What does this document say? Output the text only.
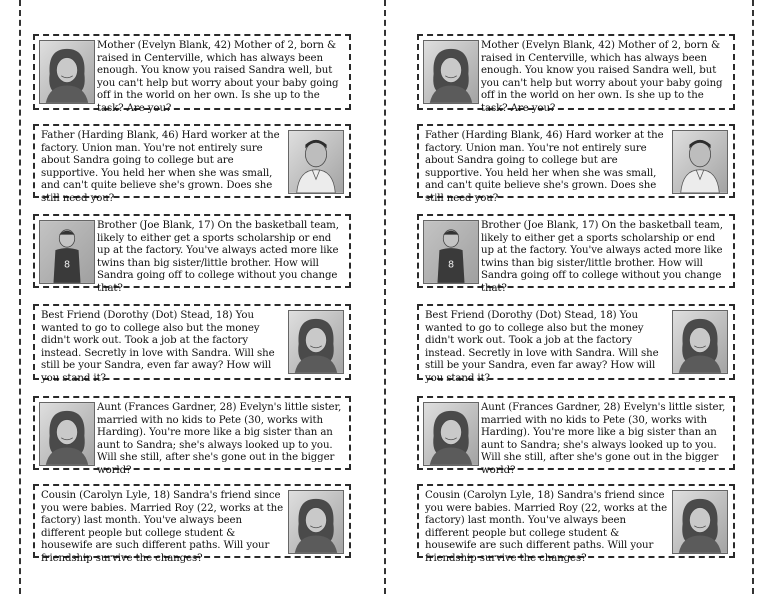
Mother (Evelyn Blank, 42) Mother of 2, born & raised in Centerville, which has always been enough. You know you raised Sandra well, but you can't help but worry about your baby going off in the world on her own. Is she up to the task? Are you?
Father (Harding Blank, 46) Hard worker at the factory. Union man. You're not entirely sure about Sandra going to college but are supportive. You held her when she was small, and can't quite believe she's grown. Does she still need you?
8
Brother (Joe Blank, 17) On the basketball team, likely to either get a sports scholarship or end up at the factory. You've always acted more like twins than big sister/little brother. How will Sandra going off to college without you change that?
Best Friend (Dorothy (Dot) Stead, 18) You wanted to go to college also but the money didn't work out. Took a job at the factory instead. Secretly in love with Sandra. Will she still be your Sandra, even far away? How will you stand it?
Aunt (Frances Gardner, 28) Evelyn's little sister, married with no kids to Pete (30, works with Harding). You're more like a big sister than an aunt to Sandra; she's always looked up to you. Will she still, after she's gone out in the bigger world?
Cousin (Carolyn Lyle, 18) Sandra's friend since you were babies. Married Roy (22, works at the factory) last month. You've always been different people but college student & housewife are such different paths. Will your friendship survive the changes?
Mother (Evelyn Blank, 42) Mother of 2, born & raised in Centerville, which has always been enough. You know you raised Sandra well, but you can't help but worry about your baby going off in the world on her own. Is she up to the task? Are you?
Father (Harding Blank, 46) Hard worker at the factory. Union man. You're not entirely sure about Sandra going to college but are supportive. You held her when she was small, and can't quite believe she's grown. Does she still need you?
8
Brother (Joe Blank, 17) On the basketball team, likely to either get a sports scholarship or end up at the factory. You've always acted more like twins than big sister/little brother. How will Sandra going off to college without you change that?
Best Friend (Dorothy (Dot) Stead, 18) You wanted to go to college also but the money didn't work out. Took a job at the factory instead. Secretly in love with Sandra. Will she still be your Sandra, even far away? How will you stand it?
Aunt (Frances Gardner, 28) Evelyn's little sister, married with no kids to Pete (30, works with Harding). You're more like a big sister than an aunt to Sandra; she's always looked up to you. Will she still, after she's gone out in the bigger world?
Cousin (Carolyn Lyle, 18) Sandra's friend since you were babies. Married Roy (22, works at the factory) last month. You've always been different people but college student & housewife are such different paths. Will your friendship survive the changes?
